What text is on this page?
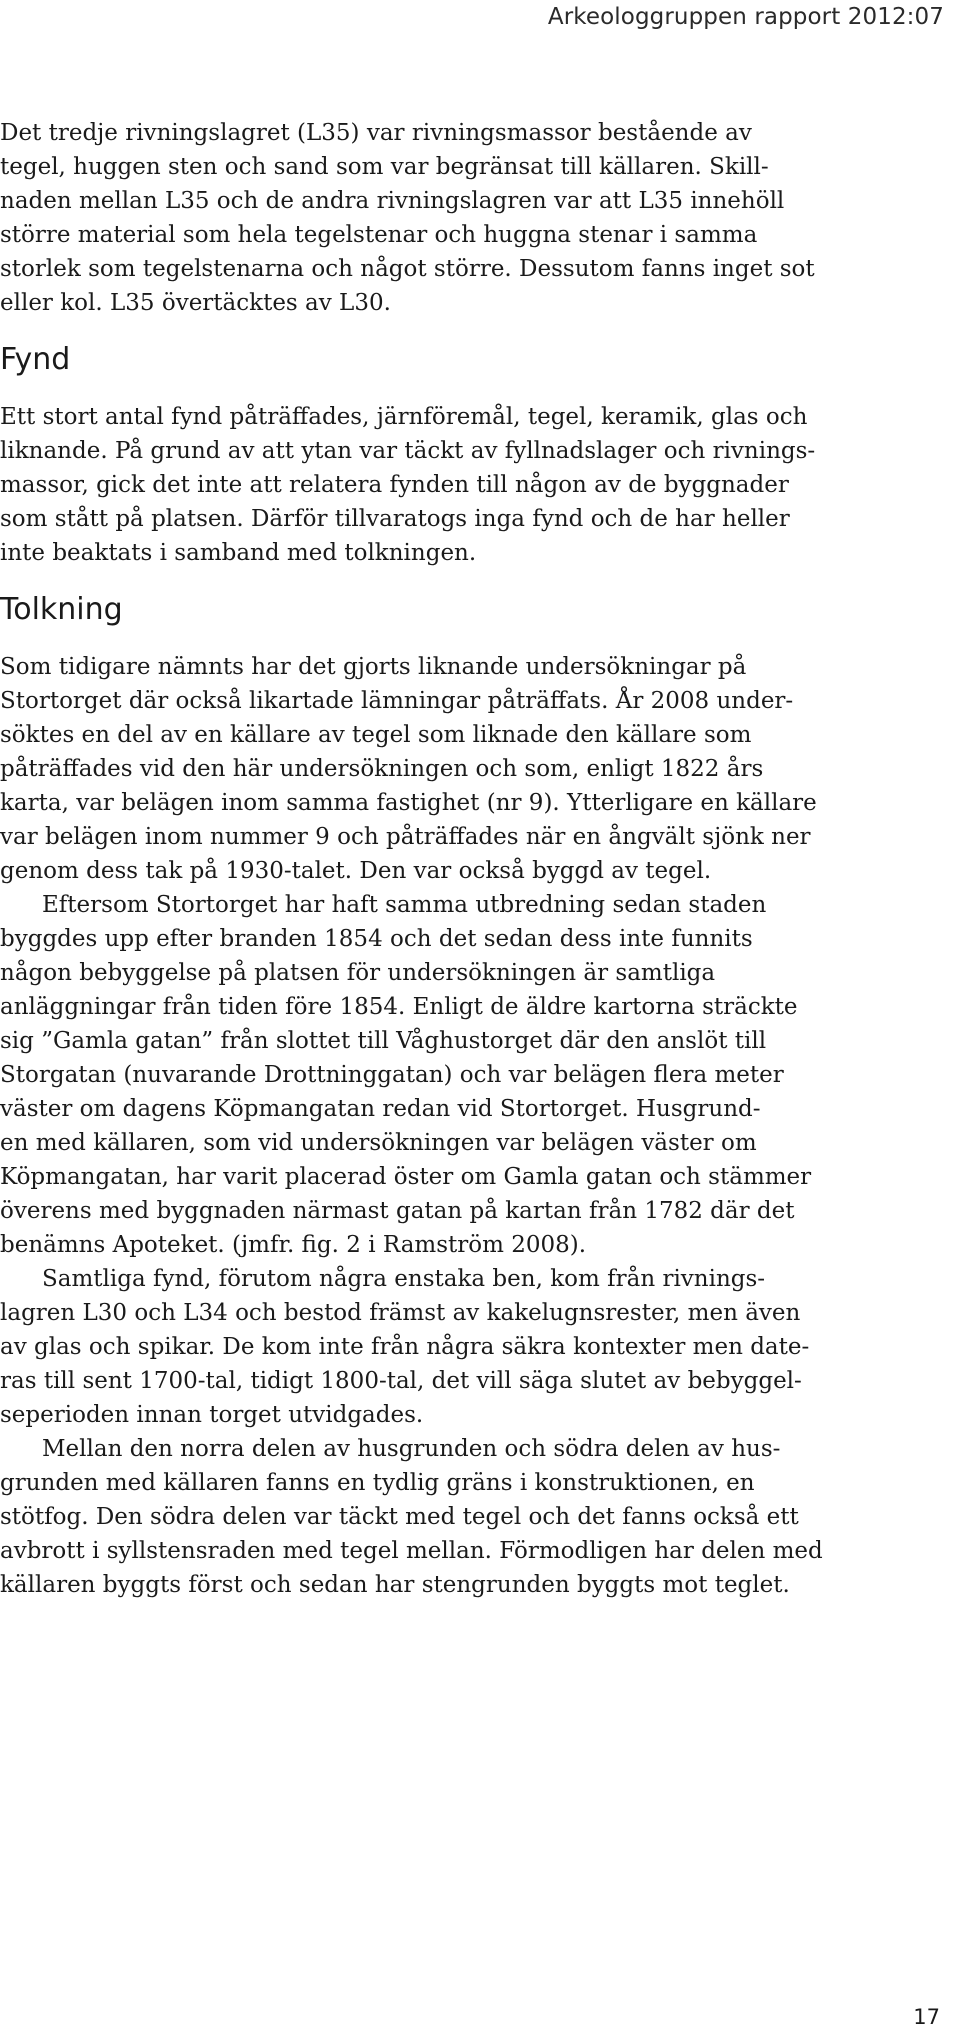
Arkeologgruppen rapport 2012:07
Det tredje rivningslagret (L35) var rivningsmassor bestående av
tegel, huggen sten och sand som var begränsat till källaren. Skill-
naden mellan L35 och de andra rivningslagren var att L35 innehöll
större material som hela tegelstenar och huggna stenar i samma
storlek som tegelstenarna och något större. Dessutom fanns inget sot
eller kol. L35 övertäcktes av L30.
Fynd
Ett stort antal fynd påträffades, järnföremål, tegel, keramik, glas och
liknande. På grund av att ytan var täckt av fyllnadslager och rivnings-
massor, gick det inte att relatera fynden till någon av de byggnader
som stått på platsen. Därför tillvaratogs inga fynd och de har heller
inte beaktats i samband med tolkningen.
Tolkning
Som tidigare nämnts har det gjorts liknande undersökningar på
Stortorget där också likartade lämningar påträffats. År 2008 under-
söktes en del av en källare av tegel som liknade den källare som
påträffades vid den här undersökningen och som, enligt 1822 års
karta, var belägen inom samma fastighet (nr 9). Ytterligare en källare
var belägen inom nummer 9 och påträffades när en ångvält sjönk ner
genom dess tak på 1930-talet. Den var också byggd av tegel.
Eftersom Stortorget har haft samma utbredning sedan staden
byggdes upp efter branden 1854 och det sedan dess inte funnits
någon bebyggelse på platsen för undersökningen är samtliga
anläggningar från tiden före 1854. Enligt de äldre kartorna sträckte
sig ”Gamla gatan” från slottet till Våghustorget där den anslöt till
Storgatan (nuvarande Drottninggatan) och var belägen flera meter
väster om dagens Köpmangatan redan vid Stortorget. Husgrund-
en med källaren, som vid undersökningen var belägen väster om
Köpmangatan, har varit placerad öster om Gamla gatan och stämmer
överens med byggnaden närmast gatan på kartan från 1782 där det
benämns Apoteket. (jmfr. fig. 2 i Ramström 2008).
Samtliga fynd, förutom några enstaka ben, kom från rivnings-
lagren L30 och L34 och bestod främst av kakelugnsrester, men även
av glas och spikar. De kom inte från några säkra kontexter men date-
ras till sent 1700-tal, tidigt 1800-tal, det vill säga slutet av bebyggel-
seperioden innan torget utvidgades.
Mellan den norra delen av husgrunden och södra delen av hus-
grunden med källaren fanns en tydlig gräns i konstruktionen, en
stötfog. Den södra delen var täckt med tegel och det fanns också ett
avbrott i syllstensraden med tegel mellan. Förmodligen har delen med
källaren byggts först och sedan har stengrunden byggts mot teglet.
17
